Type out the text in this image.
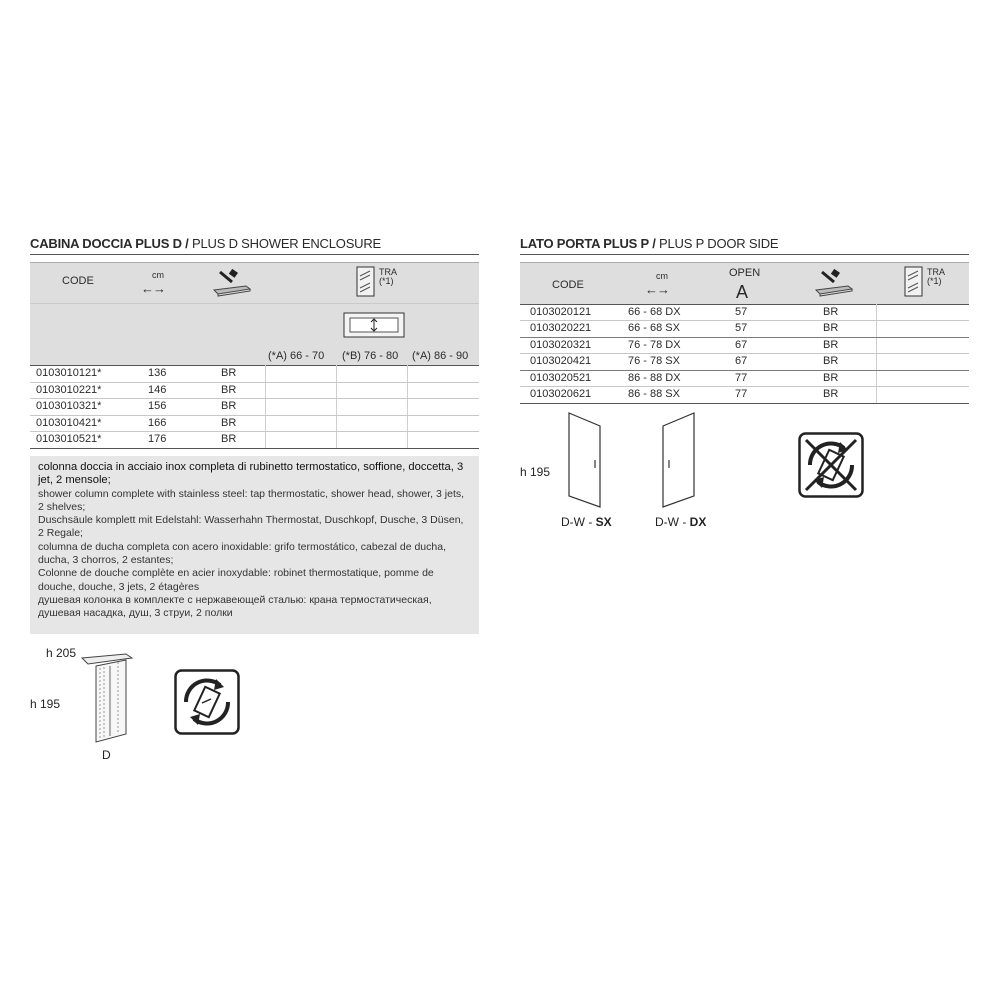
CABINA DOCCIA PLUS D / PLUS D SHOWER ENCLOSURE
CODE	cm
←→
TRA
(*1)
(*A) 66 - 70 (*B) 76 - 80 (*A) 86 - 90
0103010121*	136	BR
0103010221*	146	BR
0103010321*	156	BR
0103010421*	166	BR
0103010521*	176	BR
colonna doccia in acciaio inox completa di rubinetto termostatico, soffione, doccetta, 3 jet, 2 mensole;
shower column complete with stainless steel: tap thermostatic, shower head, shower, 3 jets, 2 shelves;
Duschsäule komplett mit Edelstahl: Wasserhahn Thermostat, Duschkopf, Dusche, 3 Düsen, 2 Regale;
columna de ducha completa con acero inoxidable: grifo termostático, cabezal de ducha, ducha, 3 chorros, 2 estantes;
Colonne de douche complète en acier inoxydable: robinet thermostatique, pomme de douche, douche, 3 jets, 2 étagères
душевая колонка в комплекте с нержавеющей сталью: крана термостатическая, душевая насадка, душ, 3 струи, 2 полки
h 205
h 195
D
LATO PORTA PLUS P / PLUS P DOOR SIDE
CODE
cm
←→
OPEN
A
TRA
(*1)
0103020121	66 - 68 DX	57	BR
0103020221	66 - 68 SX	57	BR
0103020321	76 - 78 DX	67	BR
0103020421	76 - 78 SX	67	BR
0103020521	86 - 88 DX	77	BR
0103020621	86 - 88 SX	77	BR
h 195
D-W - SX	D-W - DX
